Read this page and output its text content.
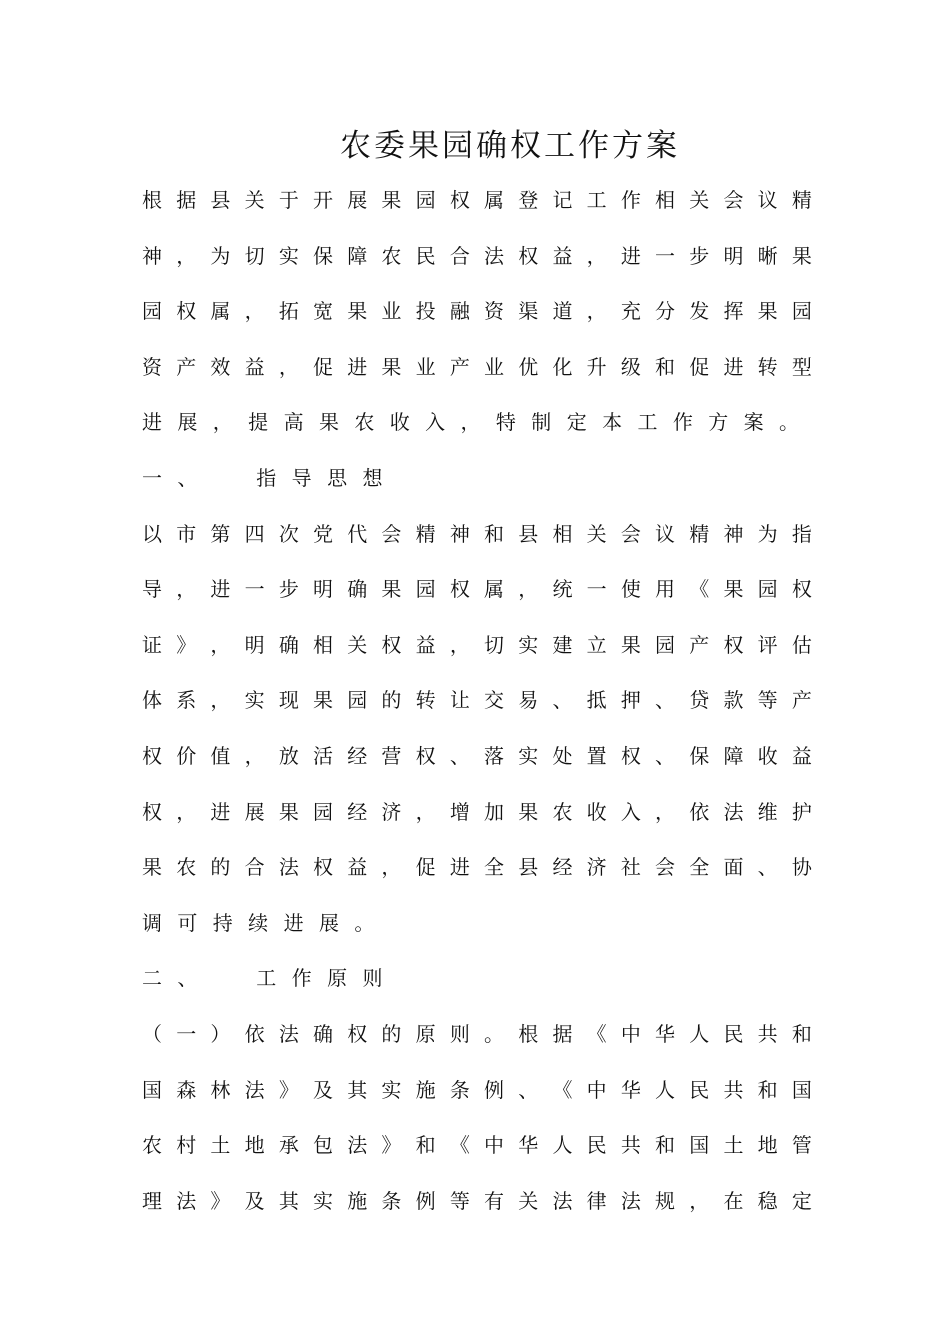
农委果园确权工作方案
根 据 县 关 于 开 展 果 园 权 属 登 记 工 作 相 关 会 议 精
神 ， 为 切 实 保 障 农 民 合 法 权 益 ， 进 一 步 明 晰 果
园 权 属 ， 拓 宽 果 业 投 融 资 渠 道 ， 充 分 发 挥 果 园
资 产 效 益 ， 促 进 果 业 产 业 优 化 升 级 和 促 进 转 型
进 展 ， 提 高 果 农 收 入 ， 特 制 定 本 工 作 方 案 。
一 、

	指 导 思 想
以 市 第 四 次 党 代 会 精 神 和 县 相 关 会 议 精 神 为 指
导 ， 进 一 步 明 确 果 园 权 属 ， 统 一 使 用 《 果 园 权
证 》 ， 明 确 相 关 权 益 ， 切 实 建 立 果 园 产 权 评 估
体 系 ， 实 现 果 园 的 转 让 交 易 、 抵 押 、 贷 款 等 产
权 价 值 ， 放 活 经 营 权 、 落 实 处 置 权 、 保 障 收 益
权 ， 进 展 果 园 经 济 ， 增 加 果 农 收 入 ， 依 法 维 护
果 农 的 合 法 权 益 ， 促 进 全 县 经 济 社 会 全 面 、 协
调 可 持 续 进 展 。
二 、

	工 作 原 则
（ 一 ） 依 法 确 权 的 原 则 。 根 据 《 中 华 人 民 共 和
国 森 林 法 》 及 其 实 施 条 例 、 《 中 华 人 民 共 和 国
农 村 土 地 承 包 法 》 和 《 中 华 人 民 共 和 国 土 地 管
理 法 》 及 其 实 施 条 例 等 有 关 法 律 法 规 ， 在 稳 定
